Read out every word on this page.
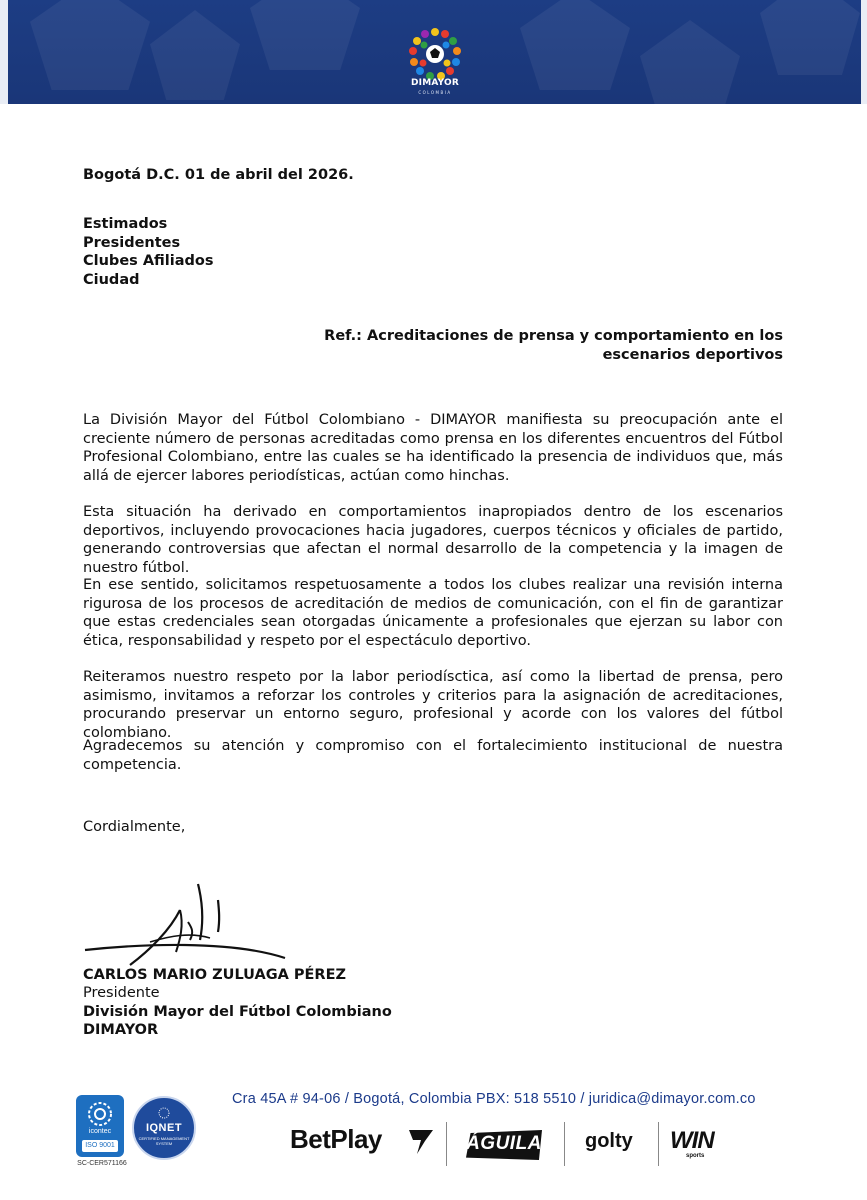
DIMAYOR
COLOMBIA
Bogotá D.C. 01 de abril del 2026.
Estimados
Presidentes
Clubes Afiliados
Ciudad
Ref.: Acreditaciones de prensa y comportamiento en los
escenarios deportivos
La División Mayor del Fútbol Colombiano - DIMAYOR manifiesta su preocupación ante el creciente número de personas acreditadas como prensa en los diferentes encuentros del Fútbol Profesional Colombiano, entre las cuales se ha identificado la presencia de individuos que, más allá de ejercer labores periodísticas, actúan como hinchas.
Esta situación ha derivado en comportamientos inapropiados dentro de los escenarios deportivos, incluyendo provocaciones hacia jugadores, cuerpos técnicos y oficiales de partido, generando controversias que afectan el normal desarrollo de la competencia y la imagen de nuestro fútbol.
En ese sentido, solicitamos respetuosamente a todos los clubes realizar una revisión interna rigurosa de los procesos de acreditación de medios de comunicación, con el fin de garantizar que estas credenciales sean otorgadas únicamente a profesionales que ejerzan su labor con ética, responsabilidad y respeto por el espectáculo deportivo.
Reiteramos nuestro respeto por la labor periodísctica, así como la libertad de prensa, pero asimismo, invitamos a reforzar los controles y criterios para la asignación de acreditaciones, procurando preservar un entorno seguro, profesional y acorde con los valores del fútbol colombiano.
Agradecemos su atención y compromiso con el fortalecimiento institucional de nuestra competencia.
Cordialmente,
CARLOS MARIO ZULUAGA PÉREZ
Presidente
División Mayor del Fútbol Colombiano
DIMAYOR
Cra 45A # 94-06 / Bogotá, Colombia PBX: 518 5510 / juridica@dimayor.com.co
icontec
ISO 9001
SC-CER571166
IQNET
CERTIFIED MANAGEMENT SYSTEM	BetPlay	ÁGUILA golty WIN
sports
